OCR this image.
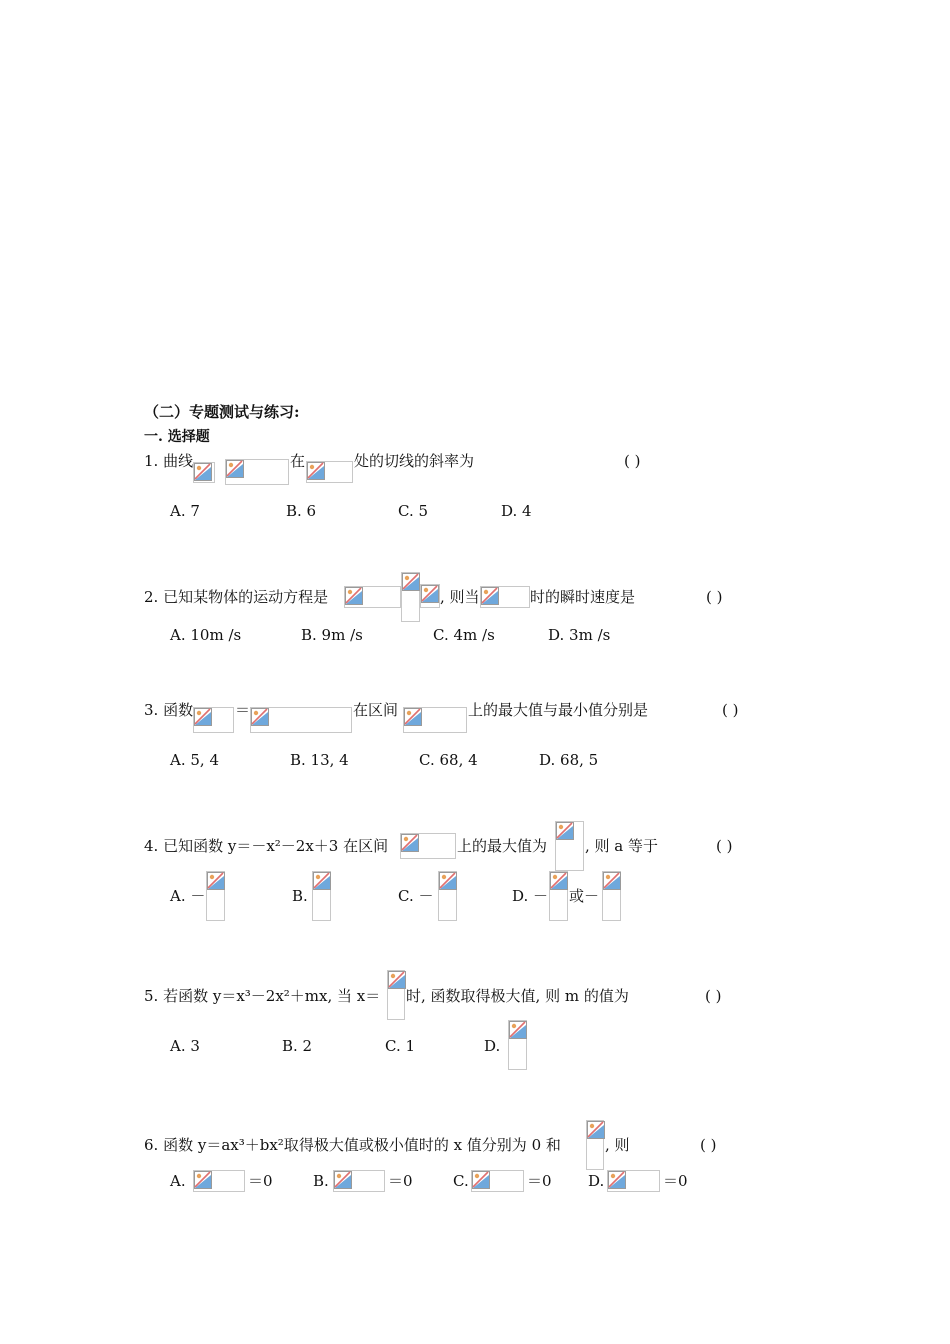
（二）专题测试与练习:
一. 选择题
1. 曲线	在	处的切线的斜率为	( )
A. 7	B. 6	C. 5	D. 4
2. 已知某物体的运动方程是	, 则当	时的瞬时速度是	( )
A. 10m /s	B. 9m /s	C. 4m /s	D. 3m /s
3. 函数	＝	在区间	上的最大值与最小值分别是	( )
A. 5, 4	B. 13, 4	C. 68, 4	D. 68, 5
4. 已知函数 y＝－x²－2x＋3 在区间	上的最大值为	, 则 a 等于	( )
A. －	B.	C. －	D. － 或－
5. 若函数 y＝x³－2x²＋mx, 当 x＝ 时, 函数取得极大值, 则 m 的值为	( )
A. 3	B. 2	C. 1	D.
6. 函数 y＝ax³＋bx²取得极大值或极小值时的 x 值分别为 0 和	, 则	( )
A.	＝0	B.	＝0	C.	＝0 D.	＝0
